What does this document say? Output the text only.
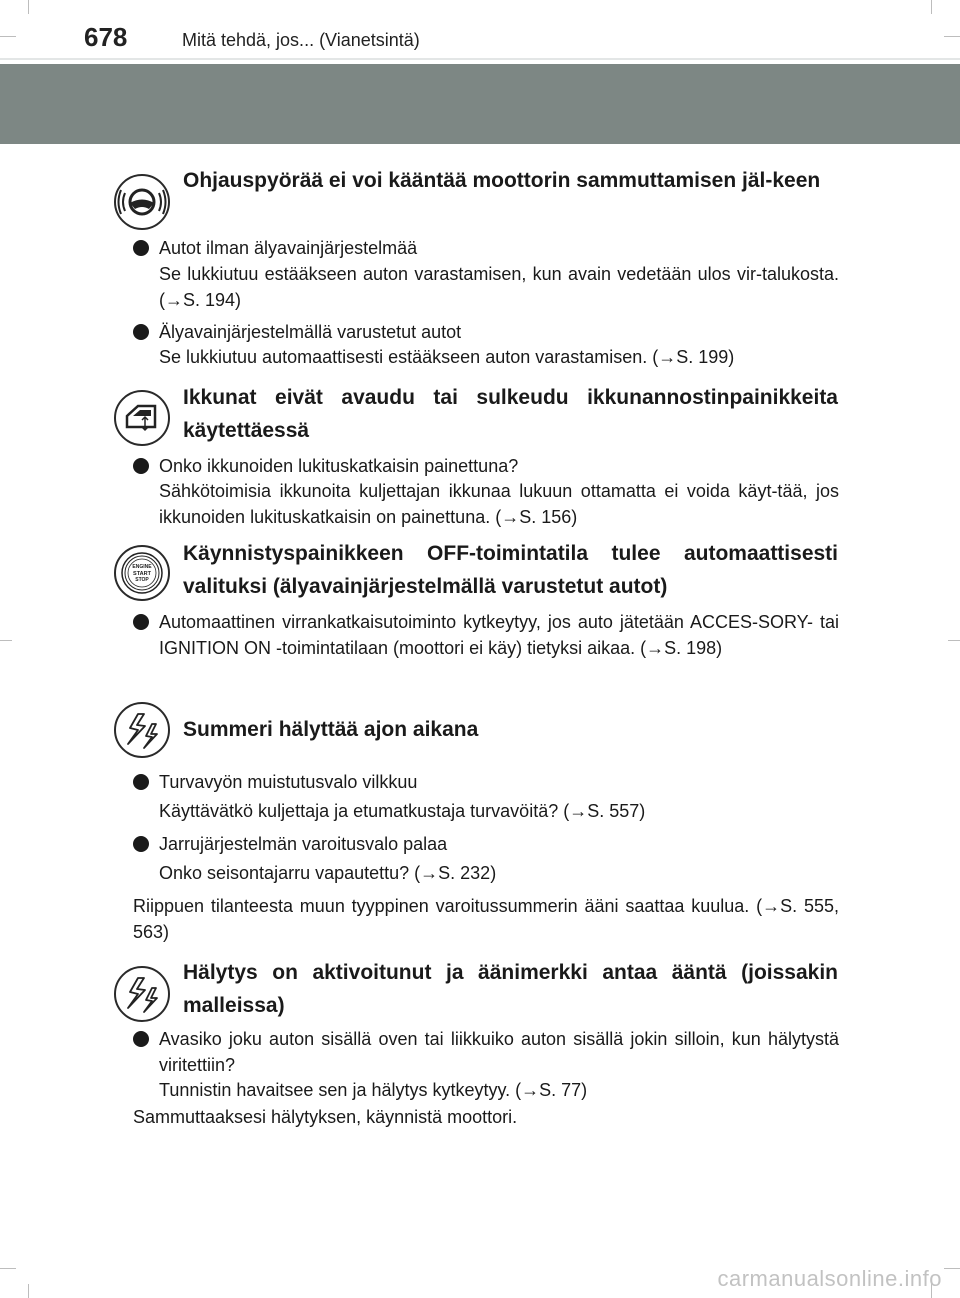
678	Mitä tehdä, jos... (Vianetsintä)
Ohjauspyörää ei voi kääntää moottorin sammuttamisen jäl-keen
Autot ilman älyavainjärjestelmää
Se lukkiutuu estääkseen auton varastamisen, kun avain vedetään ulos vir-talukosta. (→S. 194)
Älyavainjärjestelmällä varustetut autot
Se lukkiutuu automaattisesti estääkseen auton varastamisen. (→S. 199)
Ikkunat eivät avaudu tai sulkeudu ikkunannostinpainikkeita käytettäessä
Onko ikkunoiden lukituskatkaisin painettuna?
Sähkötoimisia ikkunoita kuljettajan ikkunaa lukuun ottamatta ei voida käyt-tää, jos ikkunoiden lukituskatkaisin on painettuna. (→S. 156)
ENGINE
START
STOP
Käynnistyspainikkeen OFF-toimintatila tulee automaattisesti valituksi (älyavainjärjestelmällä varustetut autot)
Automaattinen virrankatkaisutoiminto kytkeytyy, jos auto jätetään ACCES-SORY- tai IGNITION ON -toimintatilaan (moottori ei käy) tietyksi aikaa. (→S. 198)
Summeri hälyttää ajon aikana
Turvavyön muistutusvalo vilkkuu
Käyttävätkö kuljettaja ja etumatkustaja turvavöitä? (→S. 557)
Jarrujärjestelmän varoitusvalo palaa
Onko seisontajarru vapautettu? (→S. 232)
Riippuen tilanteesta muun tyyppinen varoitussummerin ääni saattaa kuulua. (→S. 555, 563)
Hälytys on aktivoitunut ja äänimerkki antaa ääntä (joissakin malleissa)
Avasiko joku auton sisällä oven tai liikkuiko auton sisällä jokin silloin, kun hälytystä viritettiin?
Tunnistin havaitsee sen ja hälytys kytkeytyy. (→S. 77)
Sammuttaaksesi hälytyksen, käynnistä moottori.
carmanualsonline.info
